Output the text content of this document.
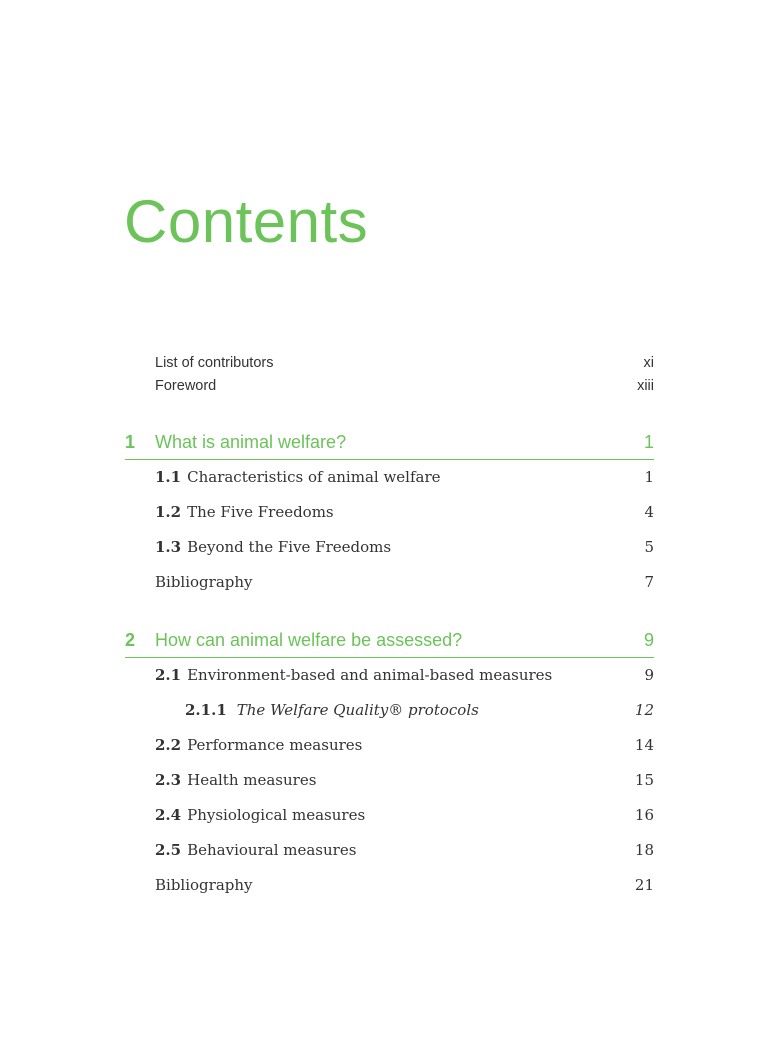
Contents
List of contributors	xi
Foreword	xiii
1	What is animal welfare?	1
1.1 Characteristics of animal welfare	1
1.2 The Five Freedoms	4
1.3 Beyond the Five Freedoms	5
Bibliography	7
2	How can animal welfare be assessed?	9
2.1 Environment-based and animal-based measures	9
2.1.1 The Welfare Quality® protocols	12
2.2 Performance measures	14
2.3 Health measures	15
2.4 Physiological measures	16
2.5 Behavioural measures	18
Bibliography	21
